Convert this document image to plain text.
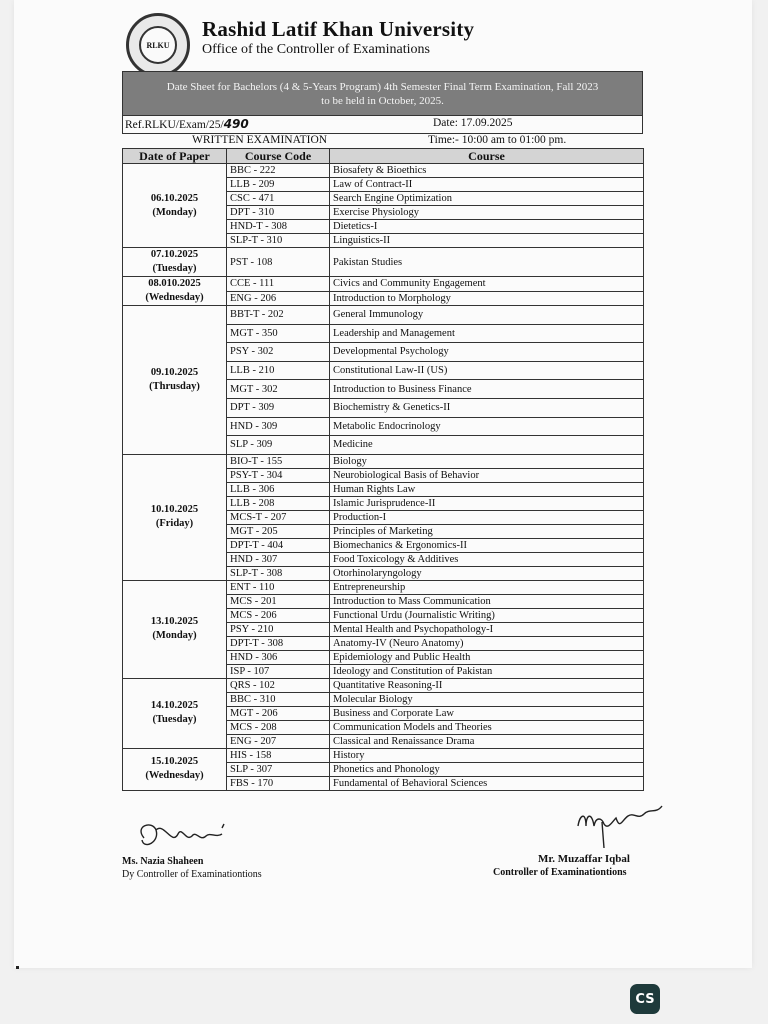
RLKU
Rashid Latif Khan University
Office of the Controller of Examinations
Date Sheet for Bachelors (4 & 5-Years Program) 4th Semester Final Term Examination, Fall 2023
to be held in October, 2025.
Ref.RLKU/Exam/25/490	Date: 17.09.2025
WRITTEN EXAMINATION	Time:- 10:00 am to 01:00 pm.
Date of Paper	Course Code	Course

06.10.2025
(Monday)	BBC - 222	Biosafety & Bioethics
	LLB - 209	Law of Contract-II
	CSC - 471	Search Engine Optimization
	DPT - 310	Exercise Physiology
	HND-T - 308	Dietetics-I
	SLP-T - 310	Linguistics-II

07.10.2025
(Tuesday)	PST - 108	Pakistan Studies

08.010.2025
(Wednesday)	CCE - 111	Civics and Community Engagement
	ENG - 206	Introduction to Morphology

09.10.2025
(Thrusday)	BBT-T - 202	General Immunology
	MGT - 350	Leadership and Management
	PSY - 302	Developmental Psychology
	LLB - 210	Constitutional Law-II (US)
	MGT - 302	Introduction to Business Finance
	DPT - 309	Biochemistry & Genetics-II
	HND - 309	Metabolic Endocrinology
	SLP - 309	Medicine

10.10.2025
(Friday)	BIO-T - 155	Biology
	PSY-T - 304	Neurobiological Basis of Behavior
	LLB - 306	Human Rights Law
	LLB - 208	Islamic Jurisprudence-II
	MCS-T - 207	Production-I
	MGT - 205	Principles of Marketing
	DPT-T - 404	Biomechanics & Ergonomics-II
	HND - 307	Food Toxicology & Additives
	SLP-T - 308	Otorhinolaryngology

13.10.2025
(Monday)	ENT - 110	Entrepreneurship
	MCS - 201	Introduction to Mass Communication
	MCS - 206	Functional Urdu (Journalistic Writing)
	PSY - 210	Mental Health and Psychopathology-I
	DPT-T - 308	Anatomy-IV (Neuro Anatomy)
	HND - 306	Epidemiology and Public Health
	ISP - 107	Ideology and Constitution of Pakistan

14.10.2025
(Tuesday)	QRS - 102	Quantitative Reasoning-II
	BBC - 310	Molecular Biology
	MGT - 206	Business and Corporate Law
	MCS - 208	Communication Models and Theories
	ENG - 207	Classical and Renaissance Drama

15.10.2025
(Wednesday)	HIS - 158	History
	SLP - 307	Phonetics and Phonology
	FBS - 170	Fundamental of Behavioral Sciences
Ms. Nazia Shaheen
Dy Controller of Examinationtions
Mr. Muzaffar Iqbal
Controller of Examinationtions
CS
